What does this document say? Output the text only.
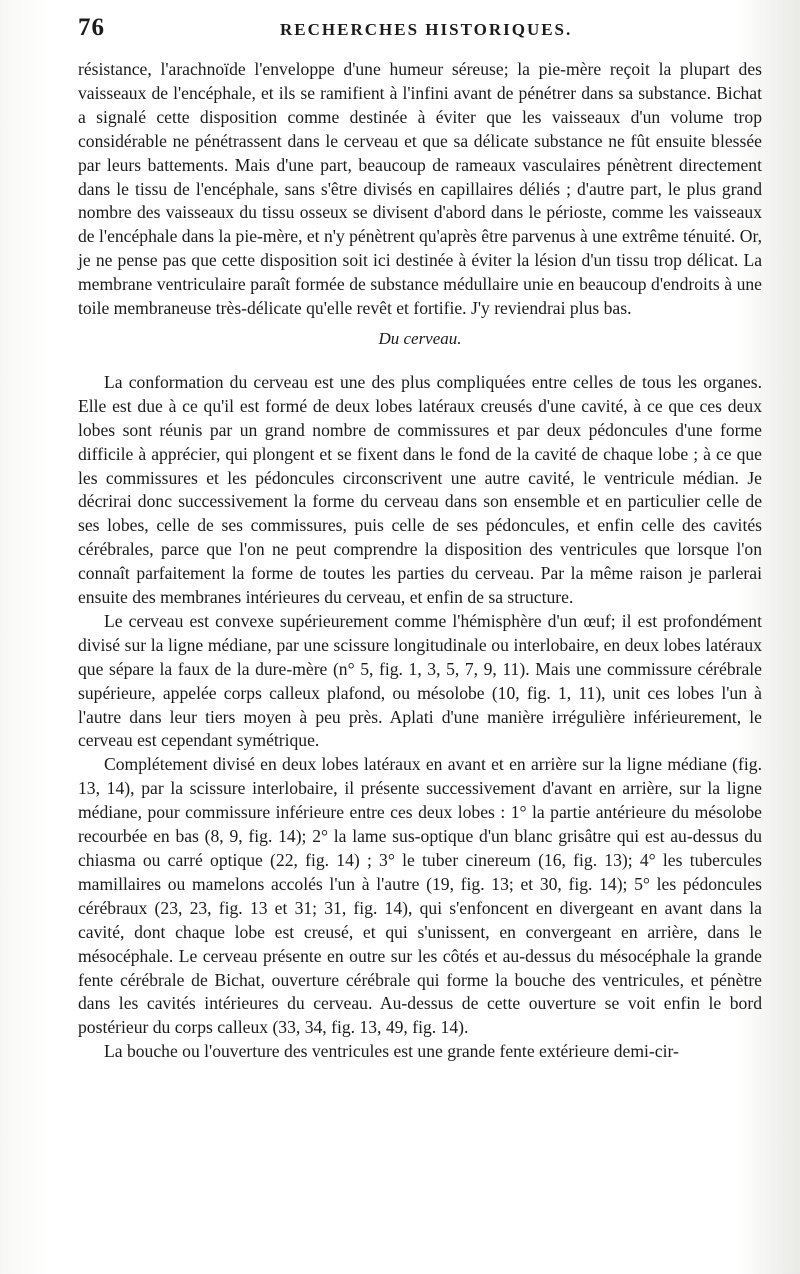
76	RECHERCHES HISTORIQUES.

résistance, l'arachnoïde l'enveloppe d'une humeur séreuse; la pie-mère reçoit la plupart des vaisseaux de l'encéphale, et ils se ramifient à l'infini avant de pénétrer dans sa substance. Bichat a signalé cette disposition comme destinée à éviter que les vaisseaux d'un volume trop considérable ne pénétrassent dans le cerveau et que sa délicate substance ne fût ensuite blessée par leurs battements. Mais d'une part, beaucoup de rameaux vasculaires pénètrent directement dans le tissu de l'encéphale, sans s'être divisés en capillaires déliés ; d'autre part, le plus grand nombre des vaisseaux du tissu osseux se divisent d'abord dans le périoste, comme les vaisseaux de l'encéphale dans la pie-mère, et n'y pénètrent qu'après être parvenus à une extrême ténuité. Or, je ne pense pas que cette disposition soit ici destinée à éviter la lésion d'un tissu trop délicat. La membrane ventriculaire paraît formée de substance médullaire unie en beaucoup d'endroits à une toile membraneuse très-délicate qu'elle revêt et fortifie. J'y reviendrai plus bas.

Du cerveau.

La conformation du cerveau est une des plus compliquées entre celles de tous les organes. Elle est due à ce qu'il est formé de deux lobes latéraux creusés d'une cavité, à ce que ces deux lobes sont réunis par un grand nombre de commissures et par deux pédoncules d'une forme difficile à apprécier, qui plongent et se fixent dans le fond de la cavité de chaque lobe ; à ce que les commissures et les pédoncules circonscrivent une autre cavité, le ventricule médian. Je décrirai donc successivement la forme du cerveau dans son ensemble et en particulier celle de ses lobes, celle de ses commissures, puis celle de ses pédoncules, et enfin celle des cavités cérébrales, parce que l'on ne peut comprendre la disposition des ventricules que lorsque l'on connaît parfaitement la forme de toutes les parties du cerveau. Par la même raison je parlerai ensuite des membranes intérieures du cerveau, et enfin de sa structure.

Le cerveau est convexe supérieurement comme l'hémisphère d'un œuf; il est profondément divisé sur la ligne médiane, par une scissure longitudinale ou interlobaire, en deux lobes latéraux que sépare la faux de la dure-mère (n° 5, fig. 1, 3, 5, 7, 9, 11). Mais une commissure cérébrale supérieure, appelée corps calleux plafond, ou mésolobe (10, fig. 1, 11), unit ces lobes l'un à l'autre dans leur tiers moyen à peu près. Aplati d'une manière irrégulière inférieurement, le cerveau est cependant symétrique.

Complétement divisé en deux lobes latéraux en avant et en arrière sur la ligne médiane (fig. 13, 14), par la scissure interlobaire, il présente successivement d'avant en arrière, sur la ligne médiane, pour commissure inférieure entre ces deux lobes : 1° la partie antérieure du mésolobe recourbée en bas (8, 9, fig. 14); 2° la lame sus-optique d'un blanc grisâtre qui est au-dessus du chiasma ou carré optique (22, fig. 14) ; 3° le tuber cinereum (16, fig. 13); 4° les tubercules mamillaires ou mamelons accolés l'un à l'autre (19, fig. 13; et 30, fig. 14); 5° les pédoncules cérébraux (23, 23, fig. 13 et 31; 31, fig. 14), qui s'enfoncent en divergeant en avant dans la cavité, dont chaque lobe est creusé, et qui s'unissent, en convergeant en arrière, dans le mésocéphale. Le cerveau présente en outre sur les côtés et au-dessus du mésocéphale la grande fente cérébrale de Bichat, ouverture cérébrale qui forme la bouche des ventricules, et pénètre dans les cavités intérieures du cerveau. Au-dessus de cette ouverture se voit enfin le bord postérieur du corps calleux (33, 34, fig. 13, 49, fig. 14).

La bouche ou l'ouverture des ventricules est une grande fente extérieure demi-cir-
